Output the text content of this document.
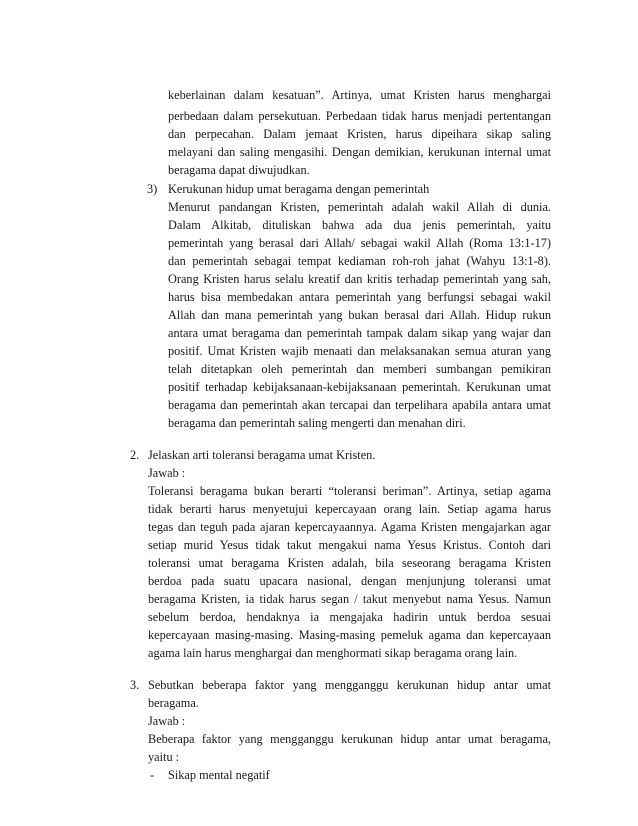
keberlainan dalam kesatuan”. Artinya, umat Kristen harus menghargai
perbedaan dalam persekutuan. Perbedaan tidak harus menjadi pertentangan
dan perpecahan. Dalam jemaat Kristen, harus dipeihara sikap saling
melayani dan saling mengasihi. Dengan demikian, kerukunan internal umat
beragama dapat diwujudkan.
3) Kerukunan hidup umat beragama dengan pemerintah
Menurut pandangan Kristen, pemerintah adalah wakil Allah di dunia.
Dalam Alkitab, dituliskan bahwa ada dua jenis pemerintah, yaitu
pemerintah yang berasal dari Allah/ sebagai wakil Allah (Roma 13:1-17)
dan pemerintah sebagai tempat kediaman roh-roh jahat (Wahyu 13:1-8).
Orang Kristen harus selalu kreatif dan kritis terhadap pemerintah yang sah,
harus bisa membedakan antara pemerintah yang berfungsi sebagai wakil
Allah dan mana pemerintah yang bukan berasal dari Allah. Hidup rukun
antara umat beragama dan pemerintah tampak dalam sikap yang wajar dan
positif. Umat Kristen wajib menaati dan melaksanakan semua aturan yang
telah ditetapkan oleh pemerintah dan memberi sumbangan pemikiran
positif terhadap kebijaksanaan-kebijaksanaan pemerintah. Kerukunan umat
beragama dan pemerintah akan tercapai dan terpelihara apabila antara umat
beragama dan pemerintah saling mengerti dan menahan diri.
2. Jelaskan arti toleransi beragama umat Kristen.
Jawab :
Toleransi beragama bukan berarti “toleransi beriman”. Artinya, setiap agama
tidak berarti harus menyetujui kepercayaan orang lain. Setiap agama harus
tegas dan teguh pada ajaran kepercayaannya. Agama Kristen mengajarkan agar
setiap murid Yesus tidak takut mengakui nama Yesus Kristus. Contoh dari
toleransi umat beragama Kristen adalah, bila seseorang beragama Kristen
berdoa pada suatu upacara nasional, dengan menjunjung toleransi umat
beragama Kristen, ia tidak harus segan / takut menyebut nama Yesus. Namun
sebelum berdoa, hendaknya ia mengajaka hadirin untuk berdoa sesuai
kepercayaan masing-masing. Masing-masing pemeluk agama dan kepercayaan
agama lain harus menghargai dan menghormati sikap beragama orang lain.
3. Sebutkan beberapa faktor yang mengganggu kerukunan hidup antar umat
beragama.
Jawab :
Beberapa faktor yang mengganggu kerukunan hidup antar umat beragama,
yaitu :
- Sikap mental negatif
